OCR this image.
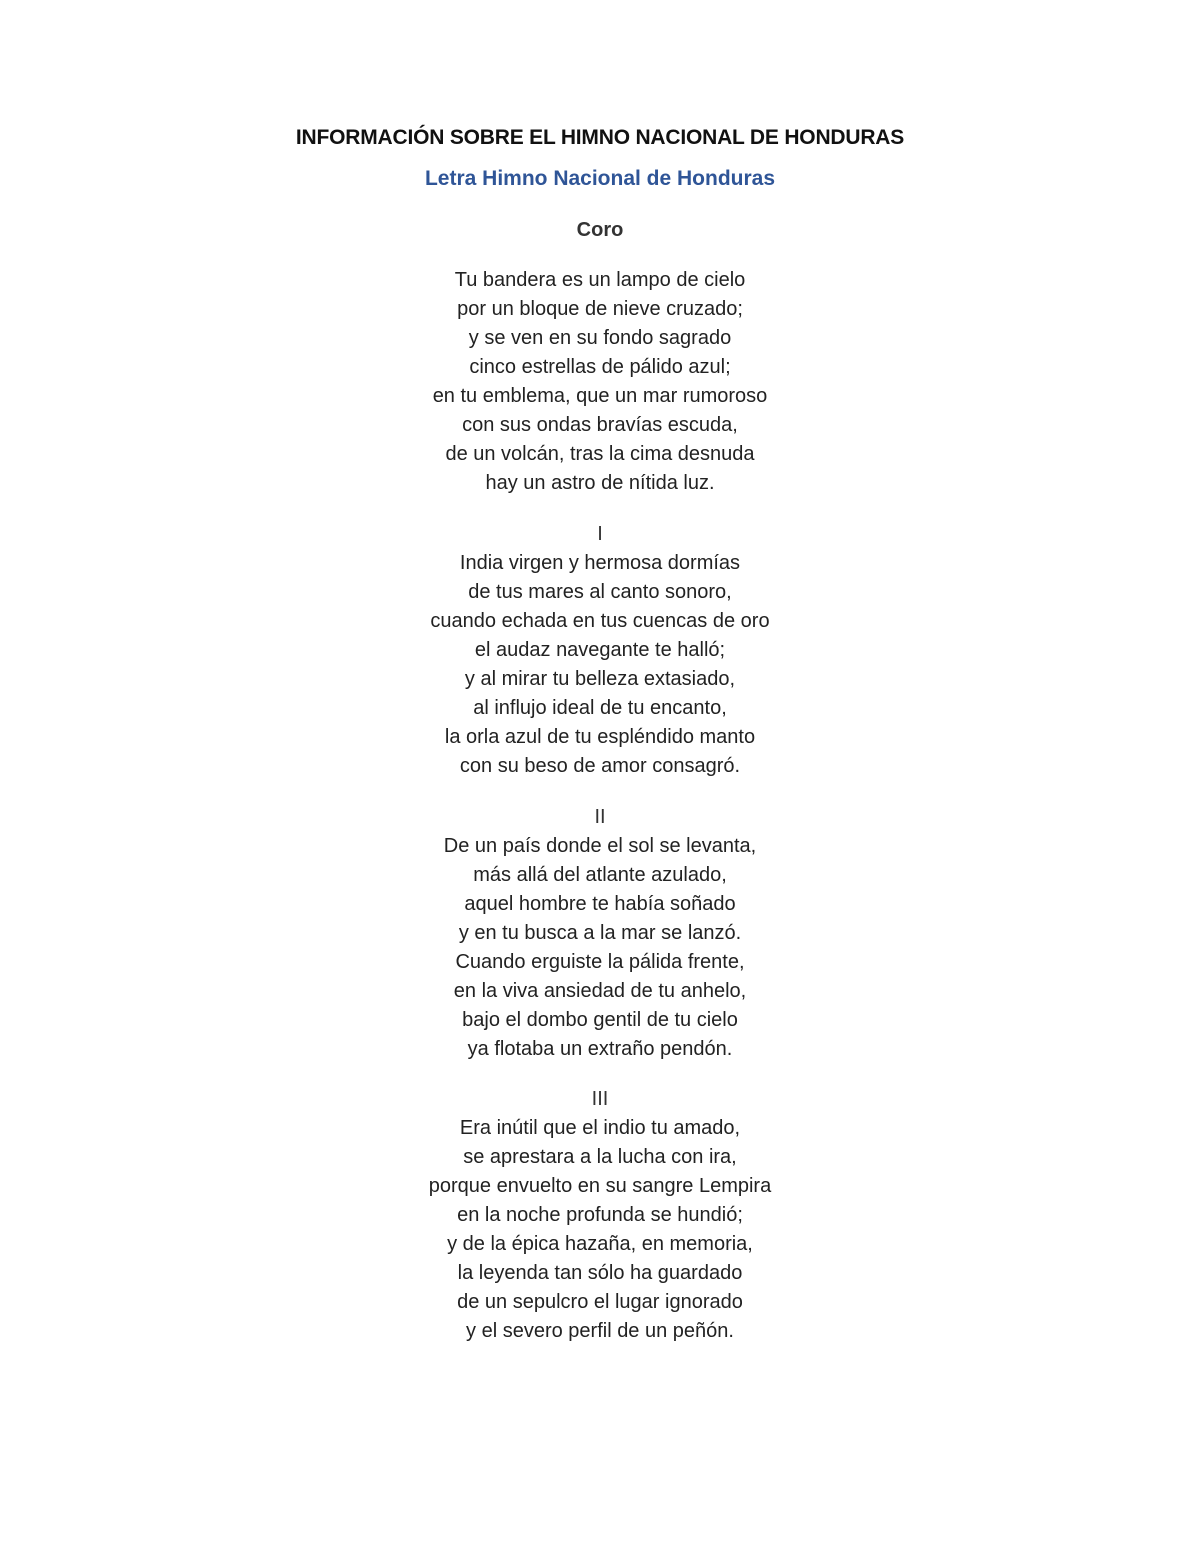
INFORMACIÓN SOBRE EL HIMNO NACIONAL DE HONDURAS
Letra Himno Nacional de Honduras
Coro
Tu bandera es un lampo de cielo
por un bloque de nieve cruzado;
y se ven en su fondo sagrado
cinco estrellas de pálido azul;
en tu emblema, que un mar rumoroso
con sus ondas bravías escuda,
de un volcán, tras la cima desnuda
hay un astro de nítida luz.
I
India virgen y hermosa dormías
de tus mares al canto sonoro,
cuando echada en tus cuencas de oro
el audaz navegante te halló;
y al mirar tu belleza extasiado,
al influjo ideal de tu encanto,
la orla azul de tu espléndido manto
con su beso de amor consagró.
II
De un país donde el sol se levanta,
más allá del atlante azulado,
aquel hombre te había soñado
y en tu busca a la mar se lanzó.
Cuando erguiste la pálida frente,
en la viva ansiedad de tu anhelo,
bajo el dombo gentil de tu cielo
ya flotaba un extraño pendón.
III
Era inútil que el indio tu amado,
se aprestara a la lucha con ira,
porque envuelto en su sangre Lempira
en la noche profunda se hundió;
y de la épica hazaña, en memoria,
la leyenda tan sólo ha guardado
de un sepulcro el lugar ignorado
y el severo perfil de un peñón.
